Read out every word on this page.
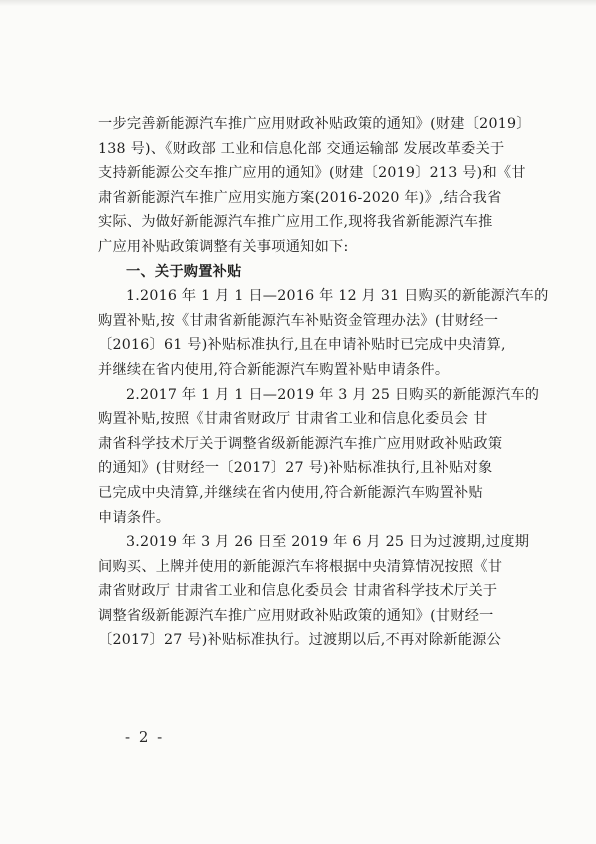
一步完善新能源汽车推广应用财政补贴政策的通知》(财建〔2019〕
138 号)、《财政部 工业和信息化部 交通运输部 发展改革委关于
支持新能源公交车推广应用的通知》(财建〔2019〕213 号)和《甘
肃省新能源汽车推广应用实施方案(2016-2020 年)》,结合我省
实际、为做好新能源汽车推广应用工作,现将我省新能源汽车推
广应用补贴政策调整有关事项通知如下:
一、关于购置补贴
1.2016 年 1 月 1 日—2016 年 12 月 31 日购买的新能源汽车的
购置补贴,按《甘肃省新能源汽车补贴资金管理办法》(甘财经一
〔2016〕61 号)补贴标准执行,且在申请补贴时已完成中央清算,
并继续在省内使用,符合新能源汽车购置补贴申请条件。
2.2017 年 1 月 1 日—2019 年 3 月 25 日购买的新能源汽车的
购置补贴,按照《甘肃省财政厅 甘肃省工业和信息化委员会 甘
肃省科学技术厅关于调整省级新能源汽车推广应用财政补贴政策
的通知》(甘财经一〔2017〕27 号)补贴标准执行,且补贴对象
已完成中央清算,并继续在省内使用,符合新能源汽车购置补贴
申请条件。
3.2019 年 3 月 26 日至 2019 年 6 月 25 日为过渡期,过度期
间购买、上牌并使用的新能源汽车将根据中央清算情况按照《甘
肃省财政厅 甘肃省工业和信息化委员会 甘肃省科学技术厅关于
调整省级新能源汽车推广应用财政补贴政策的通知》(甘财经一
〔2017〕27 号)补贴标准执行。过渡期以后,不再对除新能源公
- 2 -
